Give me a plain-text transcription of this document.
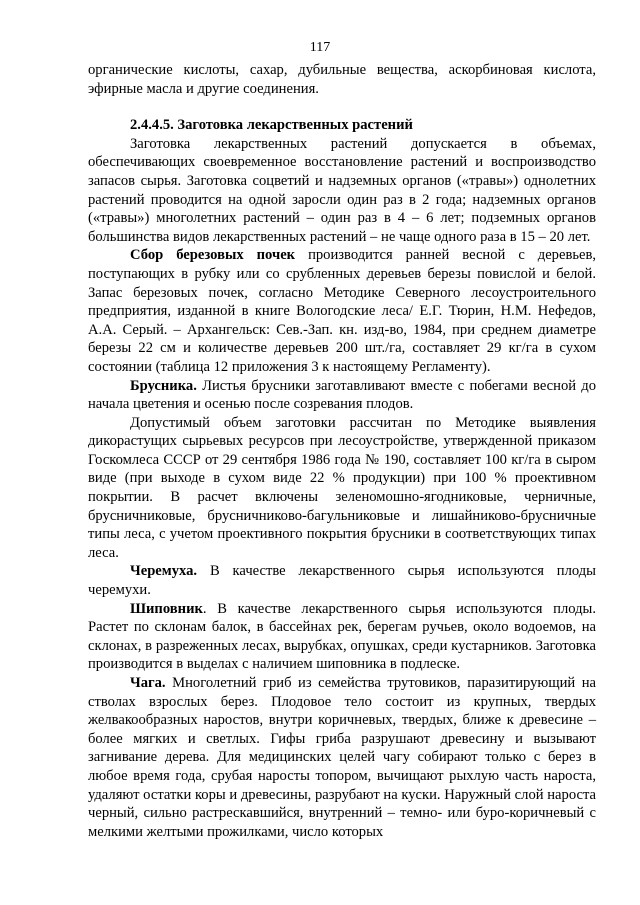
117

органические кислоты, сахар, дубильные вещества, аскорбиновая кислота, эфирные масла и другие соединения.

2.4.4.5. Заготовка лекарственных растений

Заготовка лекарственных растений допускается в объемах, обеспечивающих своевременное восстановление растений и воспроизводство запасов сырья. Заготовка соцветий и надземных органов («травы») однолетних растений проводится на одной заросли один раз в 2 года; надземных органов («травы») многолетних растений – один раз в 4 – 6 лет; подземных органов большинства видов лекарственных растений – не чаще одного раза в 15 – 20 лет.

Сбор березовых почек производится ранней весной с деревьев, поступающих в рубку или со срубленных деревьев березы повислой и белой. Запас березовых почек, согласно Методике Северного лесоустроительного предприятия, изданной в книге Вологодские леса/ Е.Г. Тюрин, Н.М. Нефедов, А.А. Серый. – Архангельск: Сев.-Зап. кн. изд-во, 1984, при среднем диаметре березы 22 см и количестве деревьев 200 шт./га, составляет 29 кг/га в сухом состоянии (таблица 12 приложения 3 к настоящему Регламенту).

Брусника. Листья брусники заготавливают вместе с побегами весной до начала цветения и осенью после созревания плодов.

Допустимый объем заготовки рассчитан по Методике выявления дикорастущих сырьевых ресурсов при лесоустройстве, утвержденной приказом Госкомлеса СССР от 29 сентября 1986 года № 190, составляет 100 кг/га в сыром виде (при выходе в сухом виде 22 % продукции) при 100 % проективном покрытии. В расчет включены зеленомошно-ягодниковые, черничные, брусничниковые, брусничниково-багульниковые и лишайниково-брусничные типы леса, с учетом проективного покрытия брусники в соответствующих типах леса.

Черемуха. В качестве лекарственного сырья используются плоды черемухи.

Шиповник. В качестве лекарственного сырья используются плоды. Растет по склонам балок, в бассейнах рек, берегам ручьев, около водоемов, на склонах, в разреженных лесах, вырубках, опушках, среди кустарников. Заготовка производится в выделах с наличием шиповника в подлеске.

Чага. Многолетний гриб из семейства трутовиков, паразитирующий на стволах взрослых берез. Плодовое тело состоит из крупных, твердых желвакообразных наростов, внутри коричневых, твердых, ближе к древесине – более мягких и светлых. Гифы гриба разрушают древесину и вызывают загнивание дерева. Для медицинских целей чагу собирают только с берез в любое время года, срубая наросты топором, вычищают рыхлую часть нароста, удаляют остатки коры и древесины, разрубают на куски. Наружный слой нароста черный, сильно растрескавшийся, внутренний – темно- или буро-коричневый с мелкими желтыми прожилками, число которых
